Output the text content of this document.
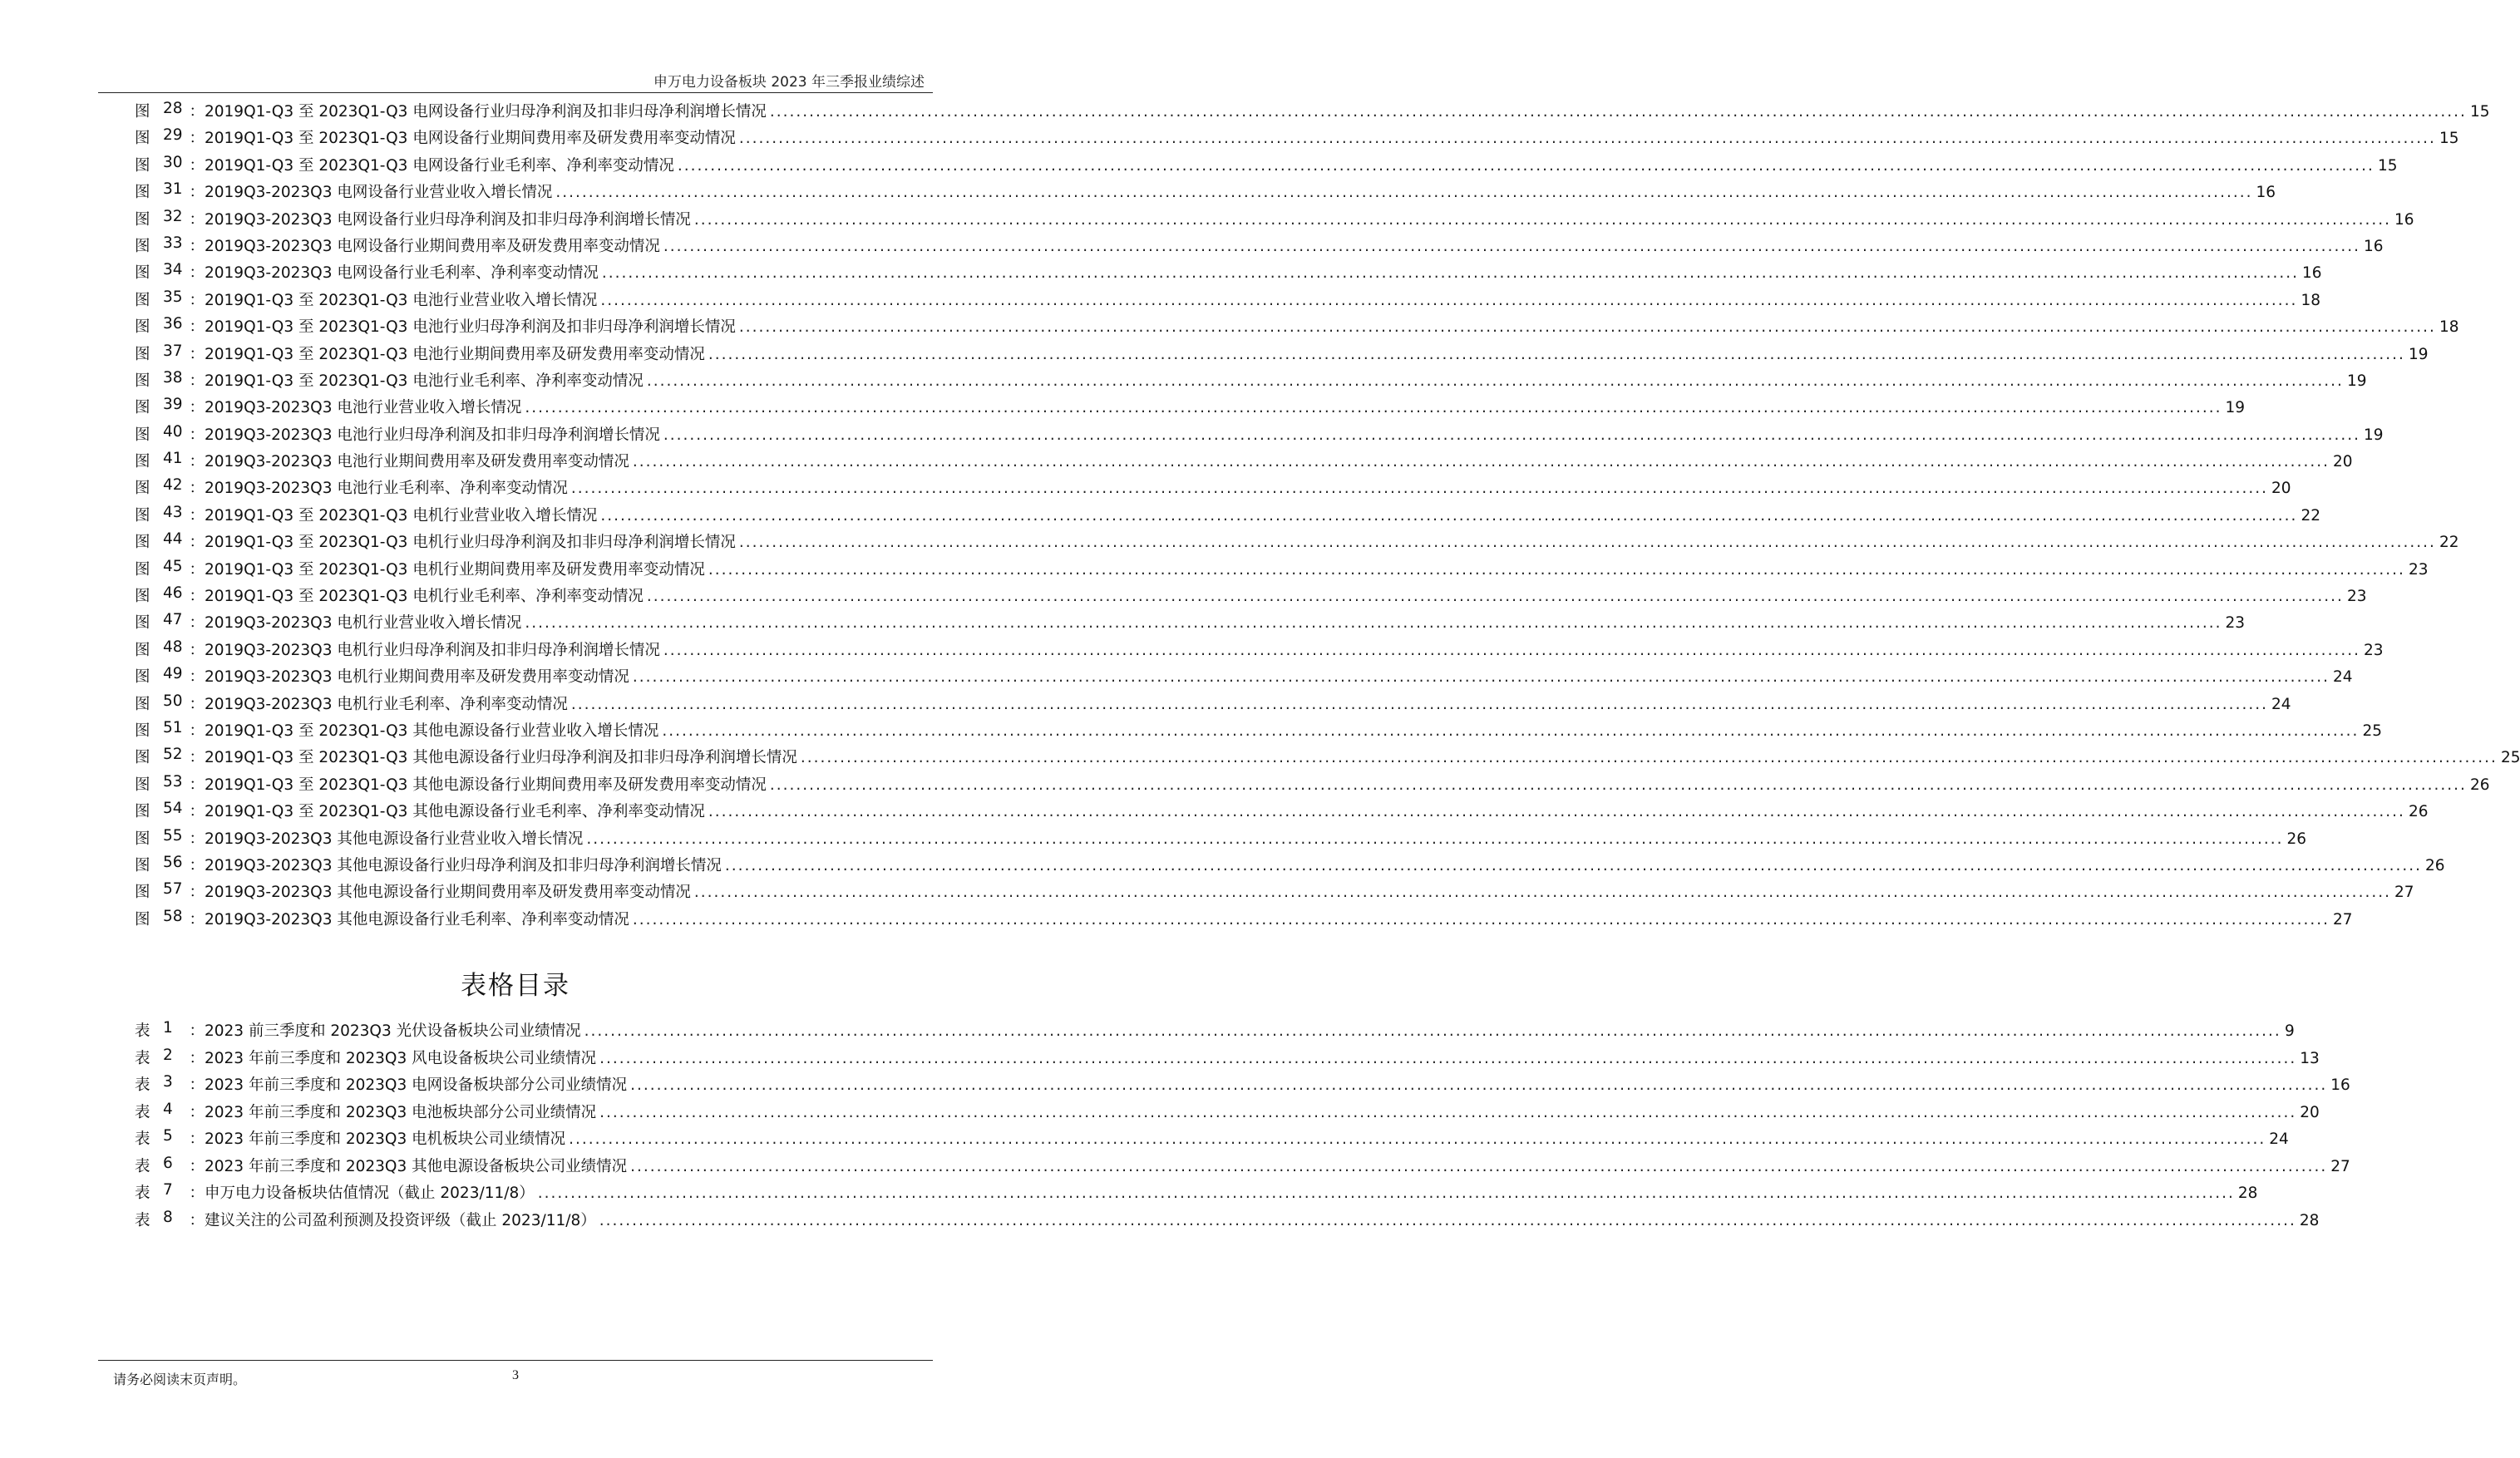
申万电力设备板块 2023 年三季报业绩综述
图 28 ： 2019Q1-Q3 至 2023Q1-Q3 电网设备行业归母净利润及扣非归母净利润增长情况 .....	15
图 29 ： 2019Q1-Q3 至 2023Q1-Q3 电网设备行业期间费用率及研发费用率变动情况 .....	15
图 30 ： 2019Q1-Q3 至 2023Q1-Q3 电网设备行业毛利率、净利率变动情况 .....	15
图 31 ： 2019Q3-2023Q3 电网设备行业营业收入增长情况 .....	16
图 32 ： 2019Q3-2023Q3 电网设备行业归母净利润及扣非归母净利润增长情况 .....	16
图 33 ： 2019Q3-2023Q3 电网设备行业期间费用率及研发费用率变动情况 .....	16
图 34 ： 2019Q3-2023Q3 电网设备行业毛利率、净利率变动情况 .....	16
图 35 ： 2019Q1-Q3 至 2023Q1-Q3 电池行业营业收入增长情况 .....	18
图 36 ： 2019Q1-Q3 至 2023Q1-Q3 电池行业归母净利润及扣非归母净利润增长情况 .....	18
图 37 ： 2019Q1-Q3 至 2023Q1-Q3 电池行业期间费用率及研发费用率变动情况 .....	19
图 38 ： 2019Q1-Q3 至 2023Q1-Q3 电池行业毛利率、净利率变动情况 .....	19
图 39 ： 2019Q3-2023Q3 电池行业营业收入增长情况 .....	19
图 40 ： 2019Q3-2023Q3 电池行业归母净利润及扣非归母净利润增长情况 .....	19
图 41 ： 2019Q3-2023Q3 电池行业期间费用率及研发费用率变动情况 .....	20
图 42 ： 2019Q3-2023Q3 电池行业毛利率、净利率变动情况 .....	20
图 43 ： 2019Q1-Q3 至 2023Q1-Q3 电机行业营业收入增长情况 .....	22
图 44 ： 2019Q1-Q3 至 2023Q1-Q3 电机行业归母净利润及扣非归母净利润增长情况 .....	22
图 45 ： 2019Q1-Q3 至 2023Q1-Q3 电机行业期间费用率及研发费用率变动情况 .....	23
图 46 ： 2019Q1-Q3 至 2023Q1-Q3 电机行业毛利率、净利率变动情况 .....	23
图 47 ： 2019Q3-2023Q3 电机行业营业收入增长情况 .....	23
图 48 ： 2019Q3-2023Q3 电机行业归母净利润及扣非归母净利润增长情况 .....	23
图 49 ： 2019Q3-2023Q3 电机行业期间费用率及研发费用率变动情况 .....	24
图 50 ： 2019Q3-2023Q3 电机行业毛利率、净利率变动情况 .....	24
图 51 ： 2019Q1-Q3 至 2023Q1-Q3 其他电源设备行业营业收入增长情况 .....	25
图 52 ： 2019Q1-Q3 至 2023Q1-Q3 其他电源设备行业归母净利润及扣非归母净利润增长情况 .....	25
图 53 ： 2019Q1-Q3 至 2023Q1-Q3 其他电源设备行业期间费用率及研发费用率变动情况 .....	26
图 54 ： 2019Q1-Q3 至 2023Q1-Q3 其他电源设备行业毛利率、净利率变动情况 .....	26
图 55 ： 2019Q3-2023Q3 其他电源设备行业营业收入增长情况 .....	26
图 56 ： 2019Q3-2023Q3 其他电源设备行业归母净利润及扣非归母净利润增长情况 .....	26
图 57 ： 2019Q3-2023Q3 其他电源设备行业期间费用率及研发费用率变动情况 .....	27
图 58 ： 2019Q3-2023Q3 其他电源设备行业毛利率、净利率变动情况 .....	27
表格目录
表 1	： 2023 前三季度和 2023Q3 光伏设备板块公司业绩情况 .....	9
表 2	： 2023 年前三季度和 2023Q3 风电设备板块公司业绩情况 .....	13
表 3	： 2023 年前三季度和 2023Q3 电网设备板块部分公司业绩情况 .....	16
表 4	： 2023 年前三季度和 2023Q3 电池板块部分公司业绩情况 .....	20
表 5	： 2023 年前三季度和 2023Q3 电机板块公司业绩情况 .....	24
表 6	： 2023 年前三季度和 2023Q3 其他电源设备板块公司业绩情况 .....	27
表 7	： 申万电力设备板块估值情况（截止 2023/11/8） .....	28
表 8	： 建议关注的公司盈利预测及投资评级（截止 2023/11/8） .....	28
请务必阅读末页声明。	3
